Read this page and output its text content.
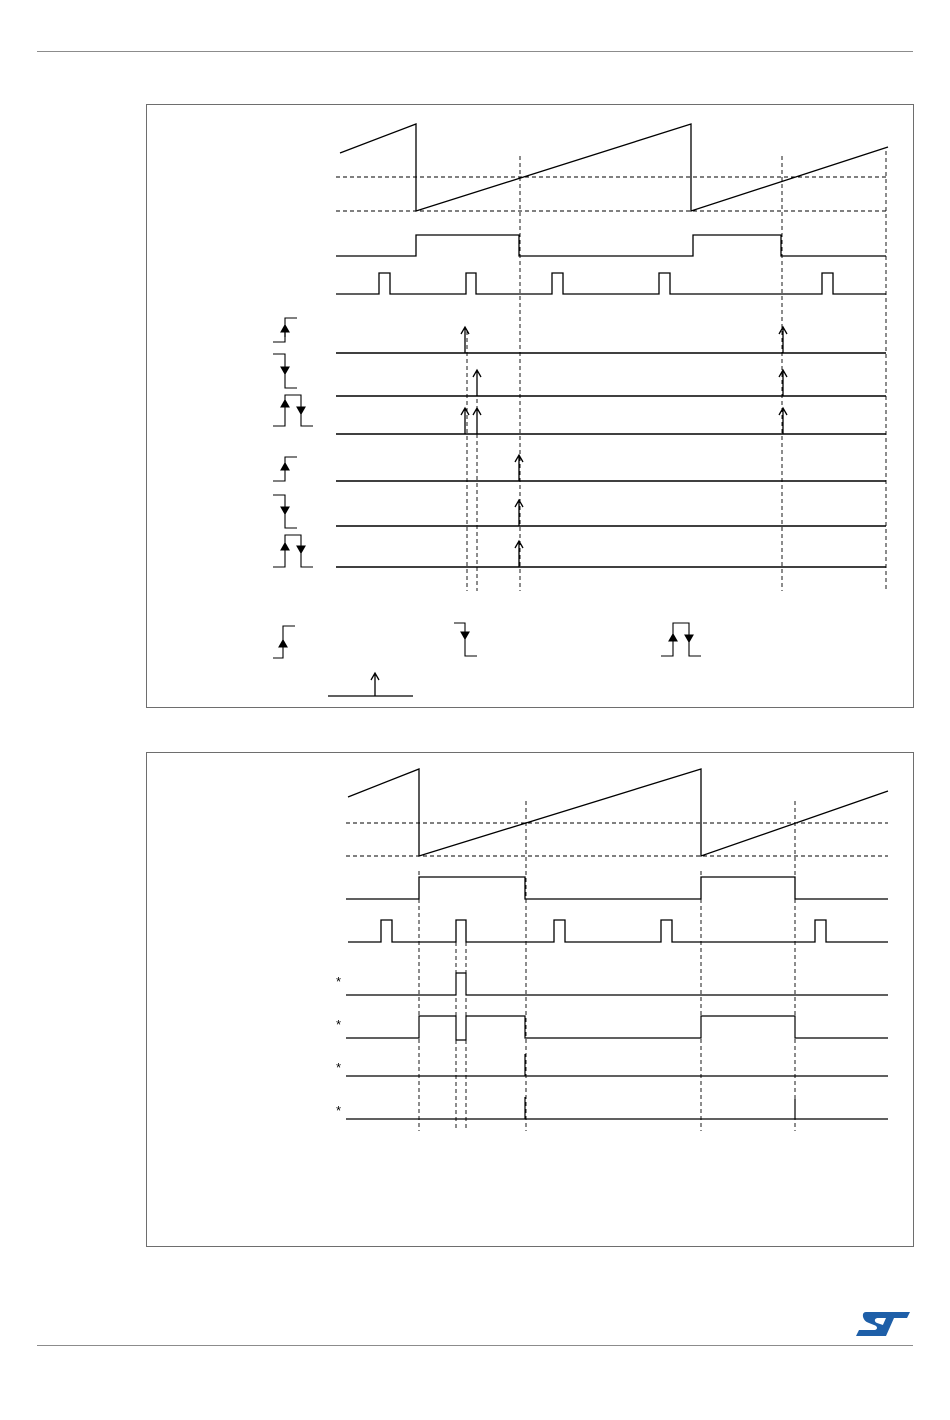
*
*
*
*
